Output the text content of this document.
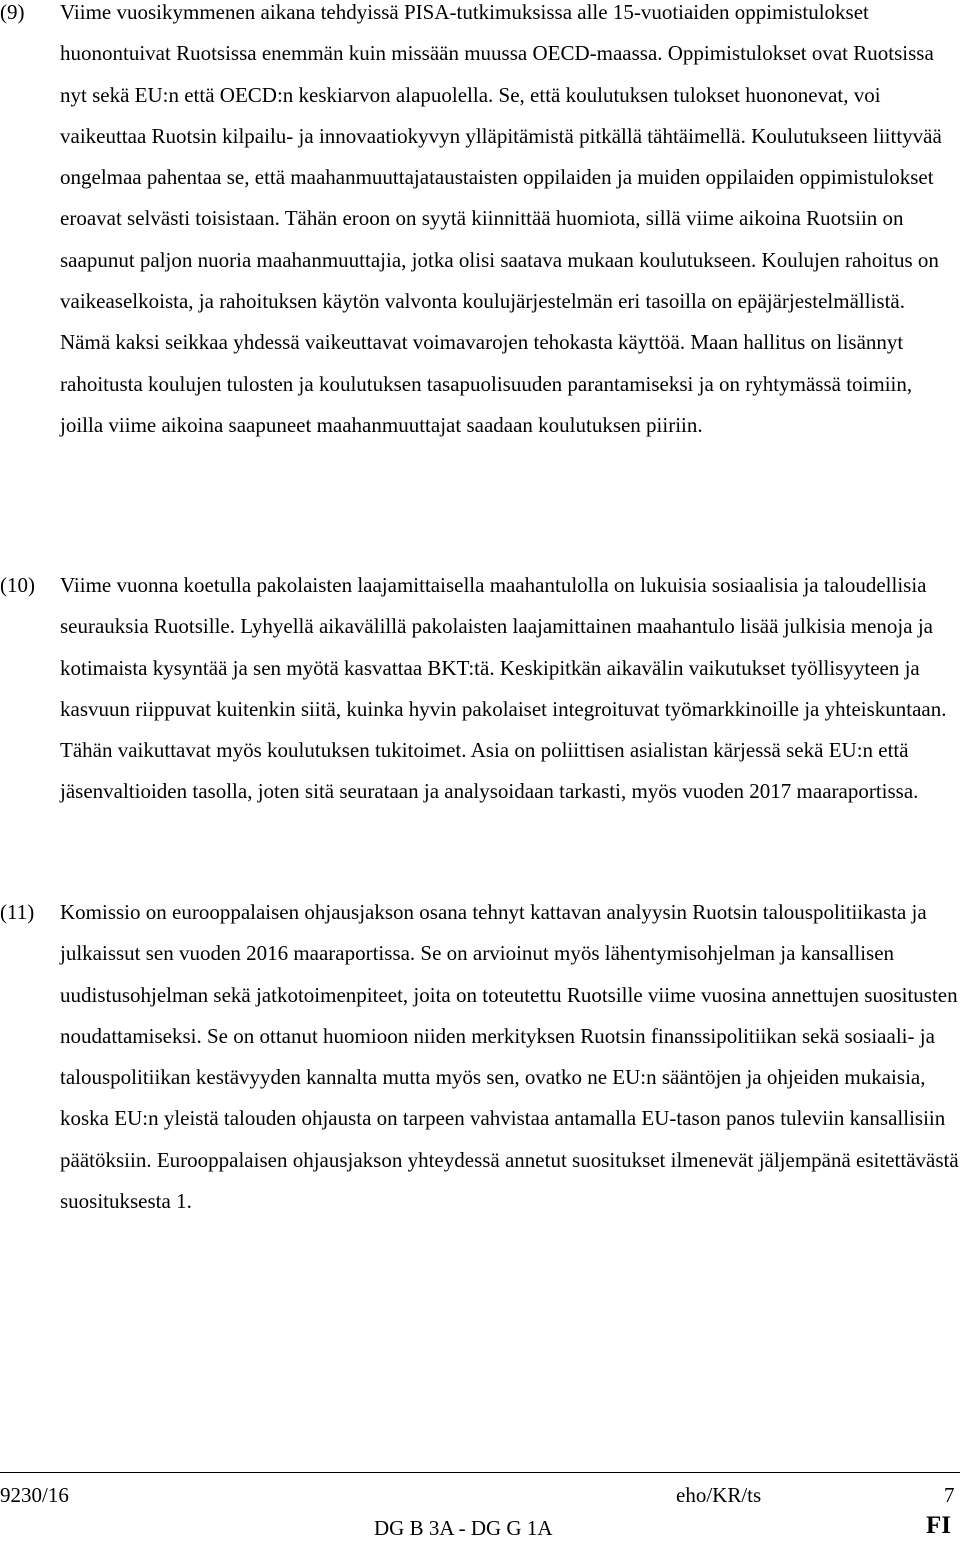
(9) Viime vuosikymmenen aikana tehdyissä PISA-tutkimuksissa alle 15-vuotiaiden oppimistulokset huonontuivat Ruotsissa enemmän kuin missään muussa OECD-maassa. Oppimistulokset ovat Ruotsissa nyt sekä EU:n että OECD:n keskiarvon alapuolella. Se, että koulutuksen tulokset huononevat, voi vaikeuttaa Ruotsin kilpailu- ja innovaatiokyvyn ylläpitämistä pitkällä tähtäimellä. Koulutukseen liittyvää ongelmaa pahentaa se, että maahanmuuttajataustaisten oppilaiden ja muiden oppilaiden oppimistulokset eroavat selvästi toisistaan. Tähän eroon on syytä kiinnittää huomiota, sillä viime aikoina Ruotsiin on saapunut paljon nuoria maahanmuuttajia, jotka olisi saatava mukaan koulutukseen. Koulujen rahoitus on vaikeaselkoista, ja rahoituksen käytön valvonta koulujärjestelmän eri tasoilla on epäjärjestelmällistä. Nämä kaksi seikkaa yhdessä vaikeuttavat voimavarojen tehokasta käyttöä. Maan hallitus on lisännyt rahoitusta koulujen tulosten ja koulutuksen tasapuolisuuden parantamiseksi ja on ryhtymässä toimiin, joilla viime aikoina saapuneet maahanmuuttajat saadaan koulutuksen piiriin.
(10) Viime vuonna koetulla pakolaisten laajamittaisella maahantulolla on lukuisia sosiaalisia ja taloudellisia seurauksia Ruotsille. Lyhyellä aikavälillä pakolaisten laajamittainen maahantulo lisää julkisia menoja ja kotimaista kysyntää ja sen myötä kasvattaa BKT:tä. Keskipitkän aikavälin vaikutukset työllisyyteen ja kasvuun riippuvat kuitenkin siitä, kuinka hyvin pakolaiset integroituvat työmarkkinoille ja yhteiskuntaan. Tähän vaikuttavat myös koulutuksen tukitoimet. Asia on poliittisen asialistan kärjessä sekä EU:n että jäsenvaltioiden tasolla, joten sitä seurataan ja analysoidaan tarkasti, myös vuoden 2017 maaraportissa.
(11) Komissio on eurooppalaisen ohjausjakson osana tehnyt kattavan analyysin Ruotsin talouspolitiikasta ja julkaissut sen vuoden 2016 maaraportissa. Se on arvioinut myös lähentymisohjelman ja kansallisen uudistusohjelman sekä jatkotoimenpiteet, joita on toteutettu Ruotsille viime vuosina annettujen suositusten noudattamiseksi. Se on ottanut huomioon niiden merkityksen Ruotsin finanssipolitiikan sekä sosiaali- ja talouspolitiikan kestävyyden kannalta mutta myös sen, ovatko ne EU:n sääntöjen ja ohjeiden mukaisia, koska EU:n yleistä talouden ohjausta on tarpeen vahvistaa antamalla EU-tason panos tuleviin kansallisiin päätöksiin. Eurooppalaisen ohjausjakson yhteydessä annetut suositukset ilmenevät jäljempänä esitettävästä suosituksesta 1.
9230/16	eho/KR/ts	7
DG B 3A - DG G 1A	FI
